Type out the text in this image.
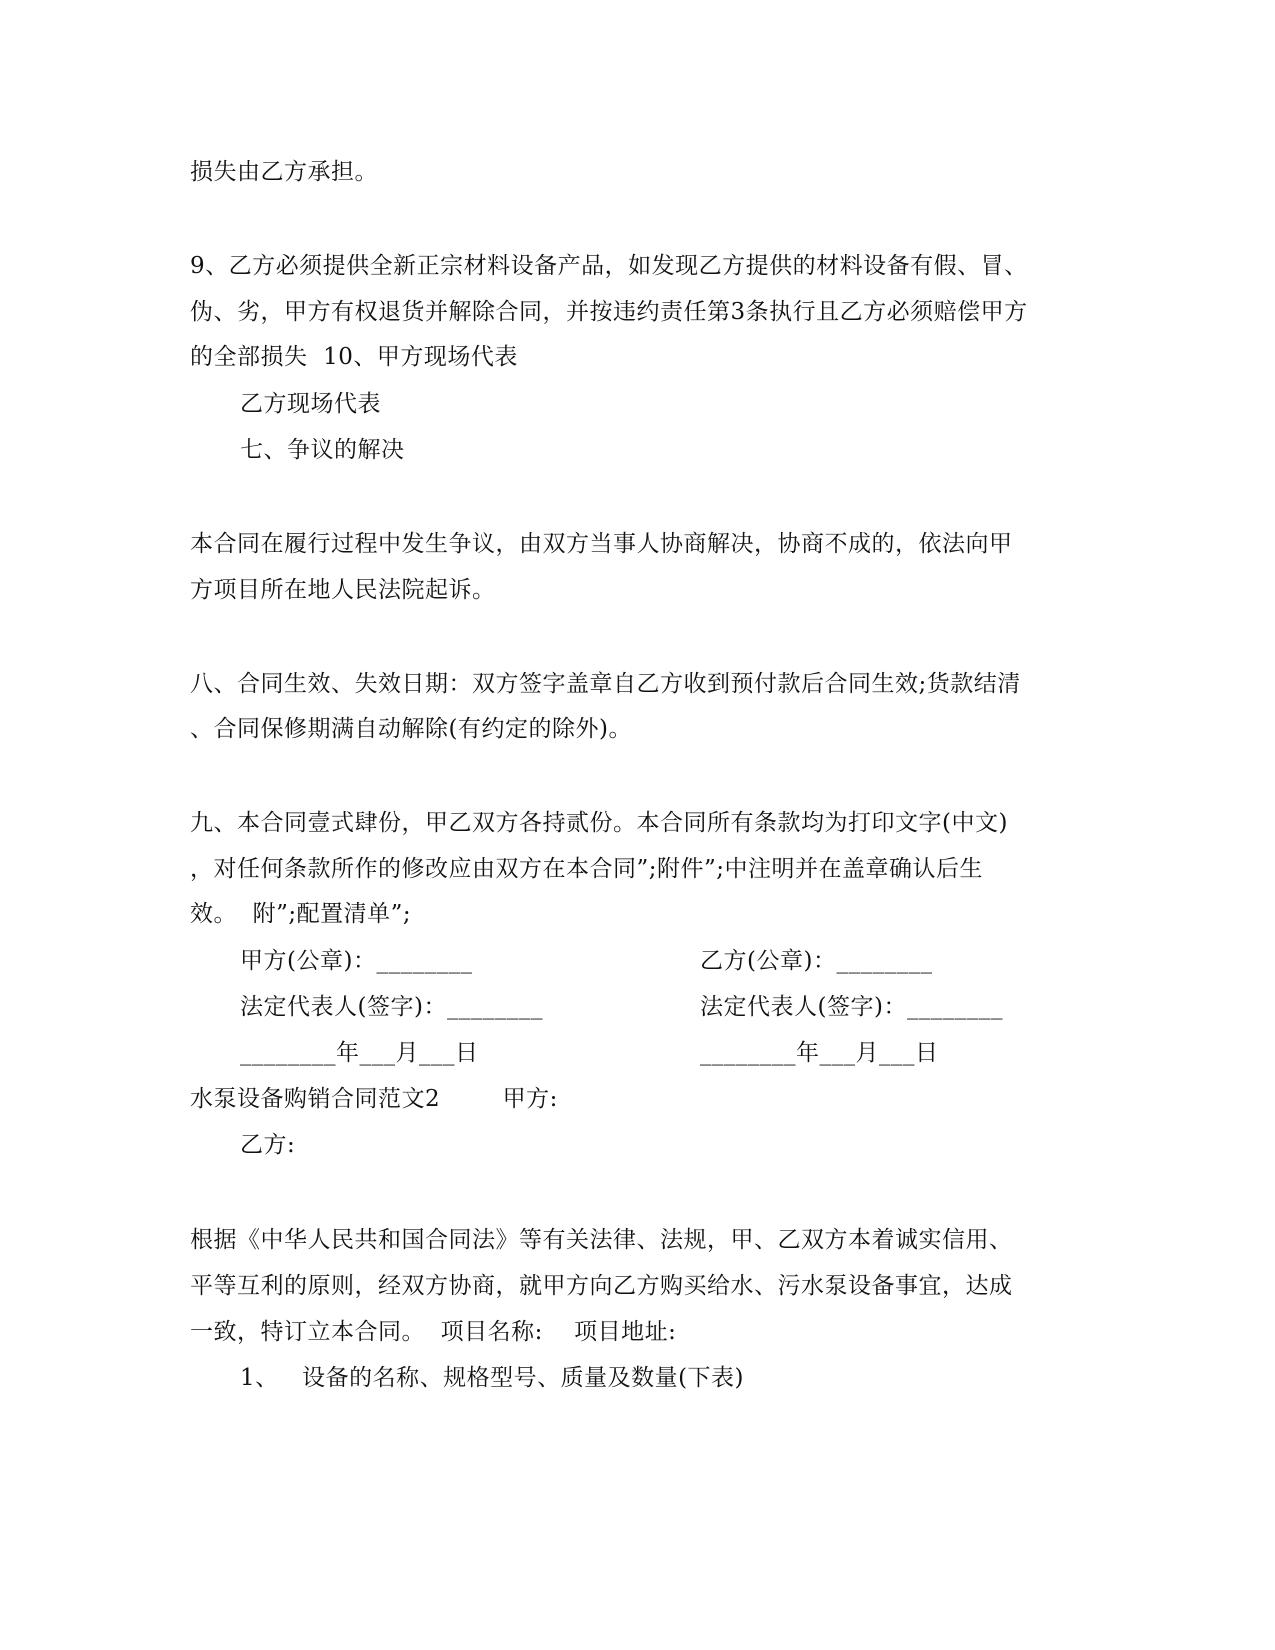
损失由乙方承担。
9、乙方必须提供全新正宗材料设备产品，如发现乙方提供的材料设备有假、冒、
伪、劣，甲方有权退货并解除合同，并按违约责任第3条执行且乙方必须赔偿甲方
的全部损失  10、甲方现场代表
乙方现场代表
七、争议的解决
本合同在履行过程中发生争议，由双方当事人协商解决，协商不成的，依法向甲
方项目所在地人民法院起诉。
八、合同生效、失效日期：双方签字盖章自乙方收到预付款后合同生效;货款结清
、合同保修期满自动解除(有约定的除外)。
九、本合同壹式肆份，甲乙双方各持贰份。本合同所有条款均为打印文字(中文)
，对任何条款所作的修改应由双方在本合同”;附件”;中注明并在盖章确认后生
效。  附”;配置清单”;
甲方(公章)：________	乙方(公章)：________
法定代表人(签字)：________	法定代表人(签字)：________
________年___月___日	________年___月___日
水泵设备购销合同范文2        甲方:
乙方:
根据《中华人民共和国合同法》等有关法律、法规，甲、乙双方本着诚实信用、
平等互利的原则，经双方协商，就甲方向乙方购买给水、污水泵设备事宜，达成
一致，特订立本合同。  项目名称:    项目地址:
1、   设备的名称、规格型号、质量及数量(下表)
